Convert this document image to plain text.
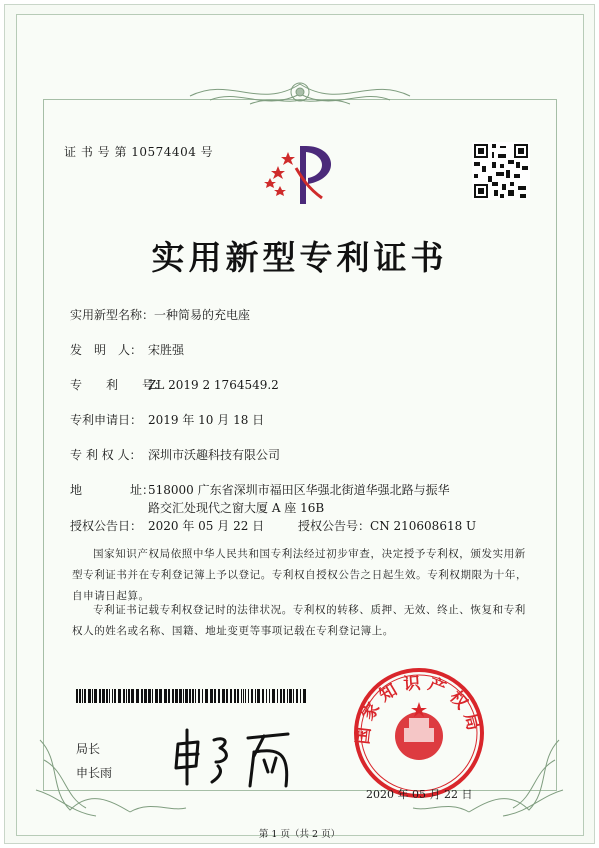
证 书 号 第 10574404 号
实用新型专利证书
实用新型名称：一种简易的充电座
发　明　人： 宋胜强
专　　利　　号：ZL 2019 2 1764549.2
专利申请日： 2019 年 10 月 18 日
专 利 权 人： 深圳市沃趣科技有限公司
地　　　　址：518000 广东省深圳市福田区华强北街道华强北路与振华
路交汇处现代之窗大厦 A 座 16B
授权公告日： 2020 年 05 月 22 日	授权公告号：CN 210608618 U
国家知识产权局依照中华人民共和国专利法经过初步审查，决定授予专利权，颁发实用新型专利证书并在专利登记簿上予以登记。专利权自授权公告之日起生效。专利权期限为十年，自申请日起算。
专利证书记载专利权登记时的法律状况。专利权的转移、质押、无效、终止、恢复和专利权人的姓名或名称、国籍、地址变更等事项记载在专利登记簿上。
局长
申长雨
国家知识产权局
2020 年 05 月 22 日
第 1 页（共 2 页）
